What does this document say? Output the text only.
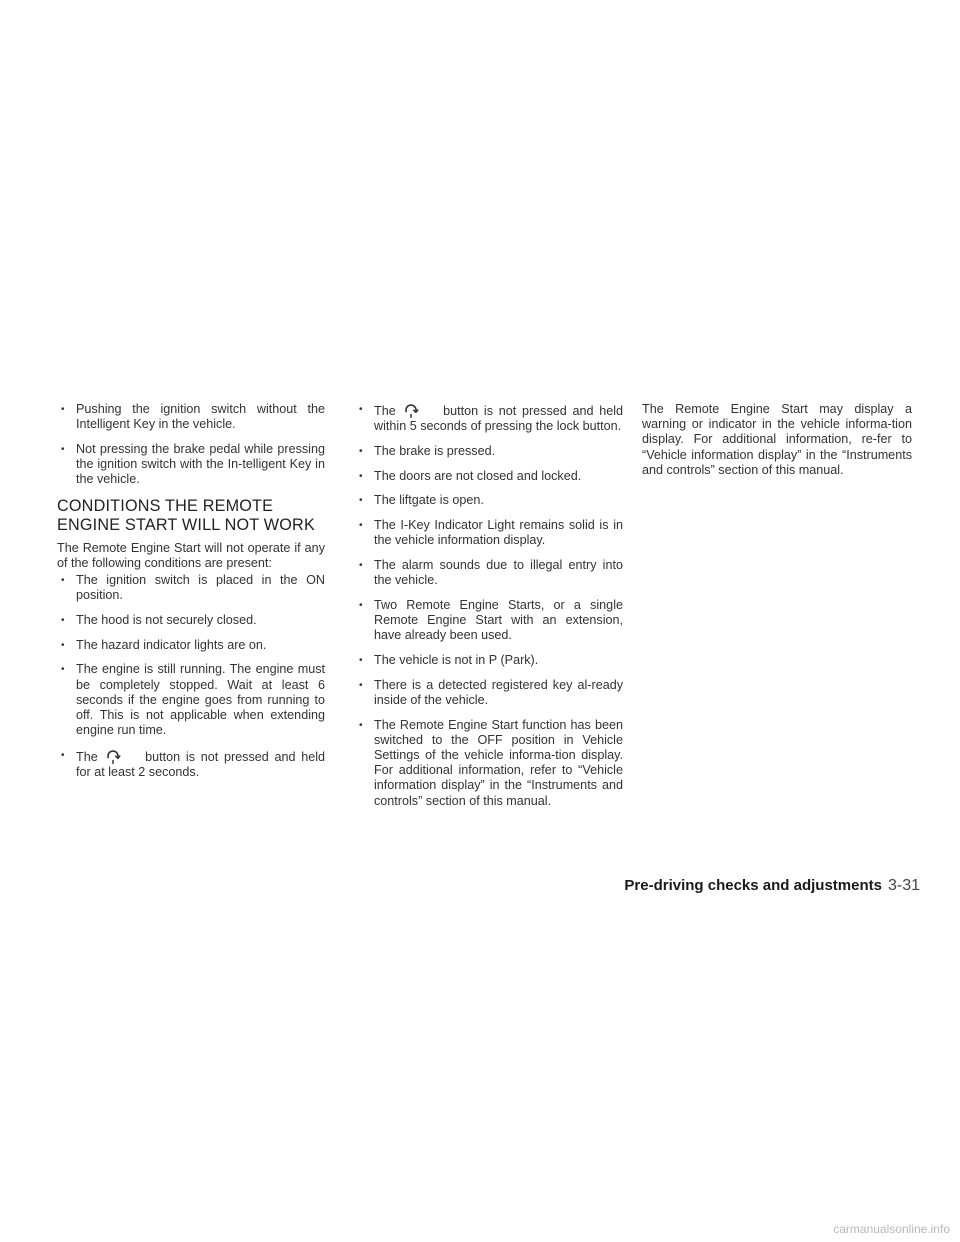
• Pushing the ignition switch without the Intelligent Key in the vehicle.
• Not pressing the brake pedal while pressing the ignition switch with the In-telligent Key in the vehicle.
CONDITIONS THE REMOTE ENGINE START WILL NOT WORK

The Remote Engine Start will not operate if any of the following conditions are present:

• The ignition switch is placed in the ON position.
• The hood is not securely closed.
• The hazard indicator lights are on.
• The engine is still running. The engine must be completely stopped. Wait at least 6 seconds if the engine goes from running to off. This is not applicable when extending engine run time.
• The	button is not pressed and held for at least 2 seconds.
• The	button is not pressed and held within 5 seconds of pressing the lock button.
• The brake is pressed.
• The doors are not closed and locked.
• The liftgate is open.
• The I-Key Indicator Light remains solid is in the vehicle information display.
• The alarm sounds due to illegal entry into the vehicle.
• Two Remote Engine Starts, or a single Remote Engine Start with an extension, have already been used.
• The vehicle is not in P (Park).
• There is a detected registered key al-ready inside of the vehicle.
• The Remote Engine Start function has been switched to the OFF position in Vehicle Settings of the vehicle informa-tion display. For additional information, refer to “Vehicle information display” in the “Instruments and controls” section of this manual.

The Remote Engine Start may display a warning or indicator in the vehicle informa-tion display. For additional information, re-fer to “Vehicle information display” in the “Instruments and controls” section of this manual.

Pre-driving checks and adjustments 3-31
carmanualsonline.info
